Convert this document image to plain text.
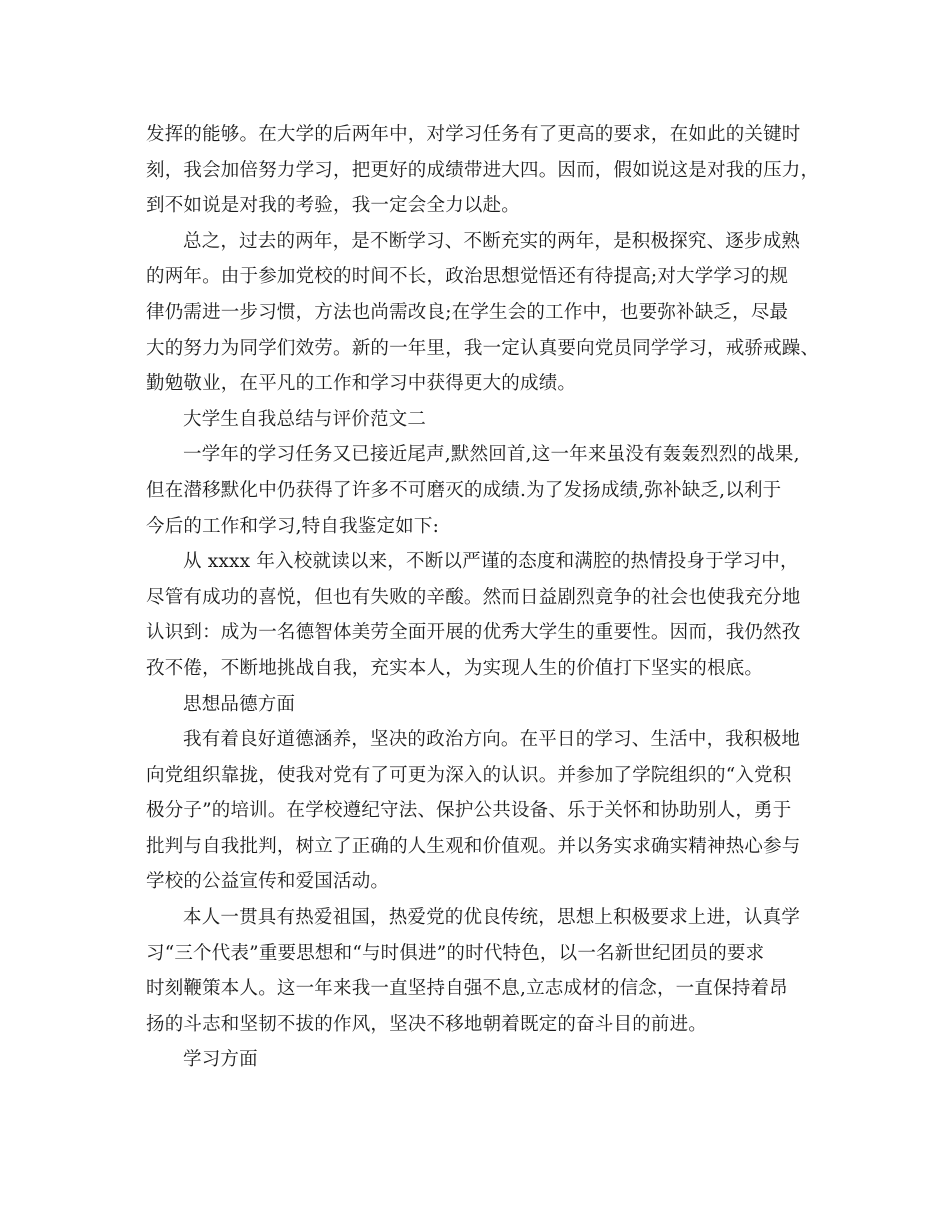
发挥的能够。在大学的后两年中，对学习任务有了更高的要求，在如此的关键时
刻，我会加倍努力学习，把更好的成绩带进大四。因而，假如说这是对我的压力，
到不如说是对我的考验，我一定会全力以赴。
总之，过去的两年，是不断学习、不断充实的两年，是积极探究、逐步成熟
的两年。由于参加党校的时间不长，政治思想觉悟还有待提高;对大学学习的规
律仍需进一步习惯，方法也尚需改良;在学生会的工作中，也要弥补缺乏，尽最
大的努力为同学们效劳。新的一年里，我一定认真要向党员同学学习，戒骄戒躁、
勤勉敬业，在平凡的工作和学习中获得更大的成绩。
大学生自我总结与评价范文二
一学年的学习任务又已接近尾声,默然回首,这一年来虽没有轰轰烈烈的战果,
但在潜移默化中仍获得了许多不可磨灭的成绩.为了发扬成绩,弥补缺乏,以利于
今后的工作和学习,特自我鉴定如下:
从 xxxx 年入校就读以来，不断以严谨的态度和满腔的热情投身于学习中，
尽管有成功的喜悦，但也有失败的辛酸。然而日益剧烈竟争的社会也使我充分地
认识到：成为一名德智体美劳全面开展的优秀大学生的重要性。因而，我仍然孜
孜不倦，不断地挑战自我，充实本人，为实现人生的价值打下坚实的根底。
思想品德方面
我有着良好道德涵养，坚决的政治方向。在平日的学习、生活中，我积极地
向党组织靠拢，使我对党有了可更为深入的认识。并参加了学院组织的“入党积
极分子”的培训。在学校遵纪守法、保护公共设备、乐于关怀和协助别人，勇于
批判与自我批判，树立了正确的人生观和价值观。并以务实求确实精神热心参与
学校的公益宣传和爱国活动。
本人一贯具有热爱祖国，热爱党的优良传统，思想上积极要求上进，认真学
习“三个代表”重要思想和“与时俱进”的时代特色，以一名新世纪团员的要求
时刻鞭策本人。这一年来我一直坚持自强不息,立志成材的信念，一直保持着昂
扬的斗志和坚韧不拔的作风，坚决不移地朝着既定的奋斗目的前进。
学习方面
